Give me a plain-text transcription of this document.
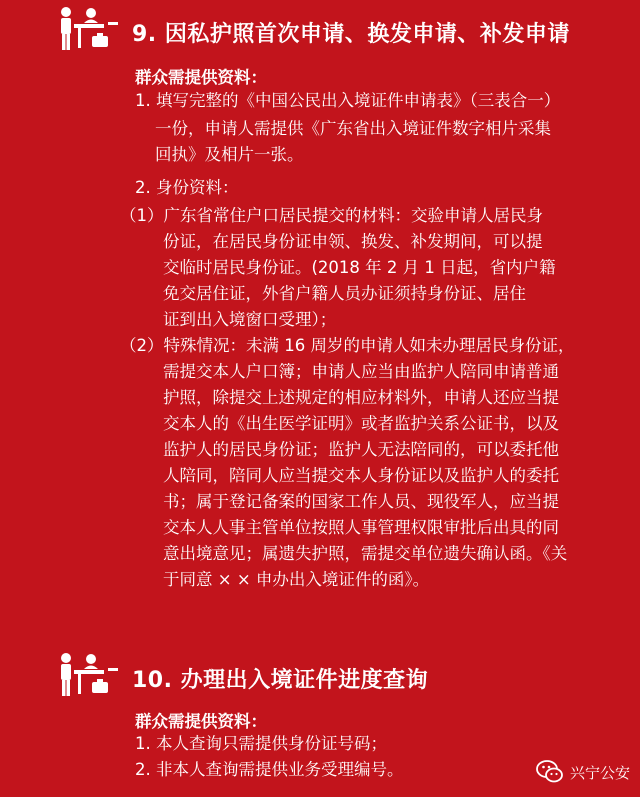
9. 因私护照首次申请、换发申请、补发申请
群众需提供资料：
1. 填写完整的《中国公民出入境证件申请表》（三表合一）
一份，申请人需提供《广东省出入境证件数字相片采集
回执》及相片一张。
2. 身份资料：
（1）广东省常住户口居民提交的材料：交验申请人居民身
份证，在居民身份证申领、换发、补发期间，可以提
交临时居民身份证。(2018 年 2 月 1 日起，省内户籍
免交居住证，外省户籍人员办证须持身份证、居住
证到出入境窗口受理）；
（2）特殊情况：未满 16 周岁的申请人如未办理居民身份证，
需提交本人户口簿；申请人应当由监护人陪同申请普通
护照，除提交上述规定的相应材料外，申请人还应当提
交本人的《出生医学证明》或者监护关系公证书，以及
监护人的居民身份证；监护人无法陪同的，可以委托他
人陪同，陪同人应当提交本人身份证以及监护人的委托
书；属于登记备案的国家工作人员、现役军人，应当提
交本人人事主管单位按照人事管理权限审批后出具的同
意出境意见；属遗失护照，需提交单位遗失确认函。《关
于同意 × × 申办出入境证件的函》。
10. 办理出入境证件进度查询
群众需提供资料：
1. 本人查询只需提供身份证号码；
2. 非本人查询需提供业务受理编号。	兴宁公安
